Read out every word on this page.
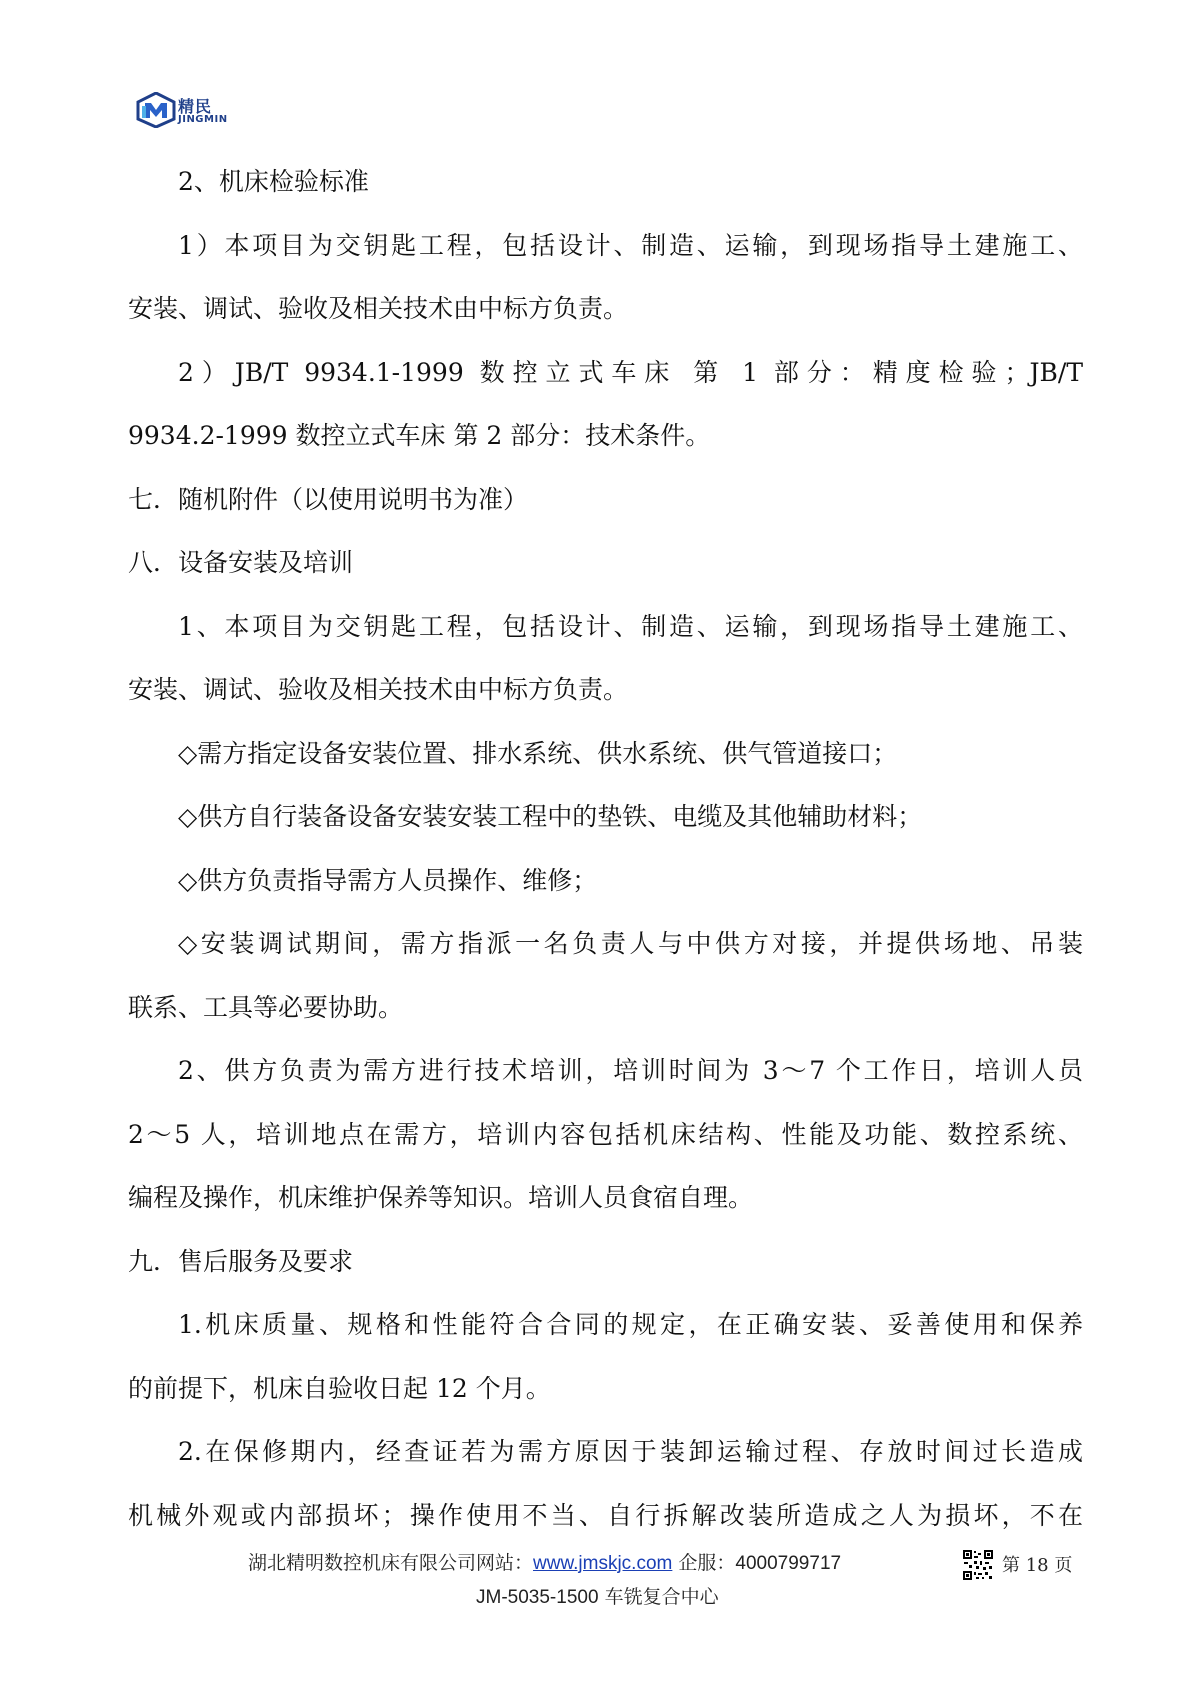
精民
JINGMIN

2、机床检验标准

1）本项目为交钥匙工程，包括设计、制造、运输，到现场指导土建施工、

安装、调试、验收及相关技术由中标方负责。

2）JB/T 9934.1-1999 数控立式车床 第 1 部分：精度检验；JB/T

9934.2-1999 数控立式车床 第 2 部分：技术条件。

七．随机附件（以使用说明书为准）

八．设备安装及培训

1、本项目为交钥匙工程，包括设计、制造、运输，到现场指导土建施工、

安装、调试、验收及相关技术由中标方负责。

◇需方指定设备安装位置、排水系统、供水系统、供气管道接口；

◇供方自行装备设备安装安装工程中的垫铁、电缆及其他辅助材料；

◇供方负责指导需方人员操作、维修；

◇安装调试期间，需方指派一名负责人与中供方对接，并提供场地、吊装

联系、工具等必要协助。

2、供方负责为需方进行技术培训，培训时间为 3～7 个工作日，培训人员

2～5 人，培训地点在需方，培训内容包括机床结构、性能及功能、数控系统、

编程及操作，机床维护保养等知识。培训人员食宿自理。

九．售后服务及要求

1.机床质量、规格和性能符合合同的规定，在正确安装、妥善使用和保养

的前提下，机床自验收日起 12 个月。

2.在保修期内，经查证若为需方原因于装卸运输过程、存放时间过长造成

机械外观或内部损坏；操作使用不当、自行拆解改装所造成之人为损坏，不在

湖北精明数控机床有限公司网站：www.jmskjc.com 企服：4000799717	第 18 页
JM-5035-1500 车铣复合中心
